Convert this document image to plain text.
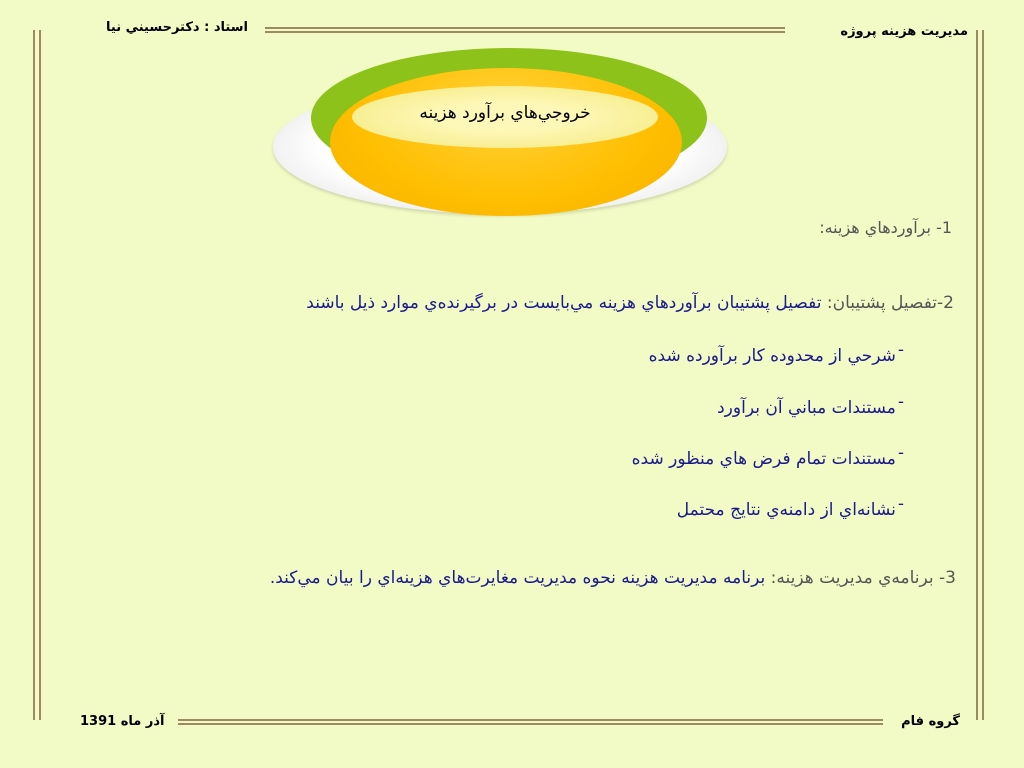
مديريت هزينه پروژه
استاد : دکترحسيني نيا
گروه فام
آذر ماه 1391
خروجي‌هاي برآورد هزينه
1- برآوردهاي هزينه:
2-تفصيل پشتيبان: تفصيل پشتيبان برآوردهاي هزينه مي‌بايست در برگيرنده‌ي موارد ذيل باشند
-شرحي از محدوده کار برآورده شده
-مستندات مباني آن برآورد
-مستندات تمام فرض هاي منظور شده
-نشانه‌اي از دامنه‌ي نتايج محتمل
3- برنامه‌ي مديريت هزينه: برنامه مديريت هزينه نحوه مديريت مغايرت‌هاي هزينه‌اي را بيان مي‌کند.
